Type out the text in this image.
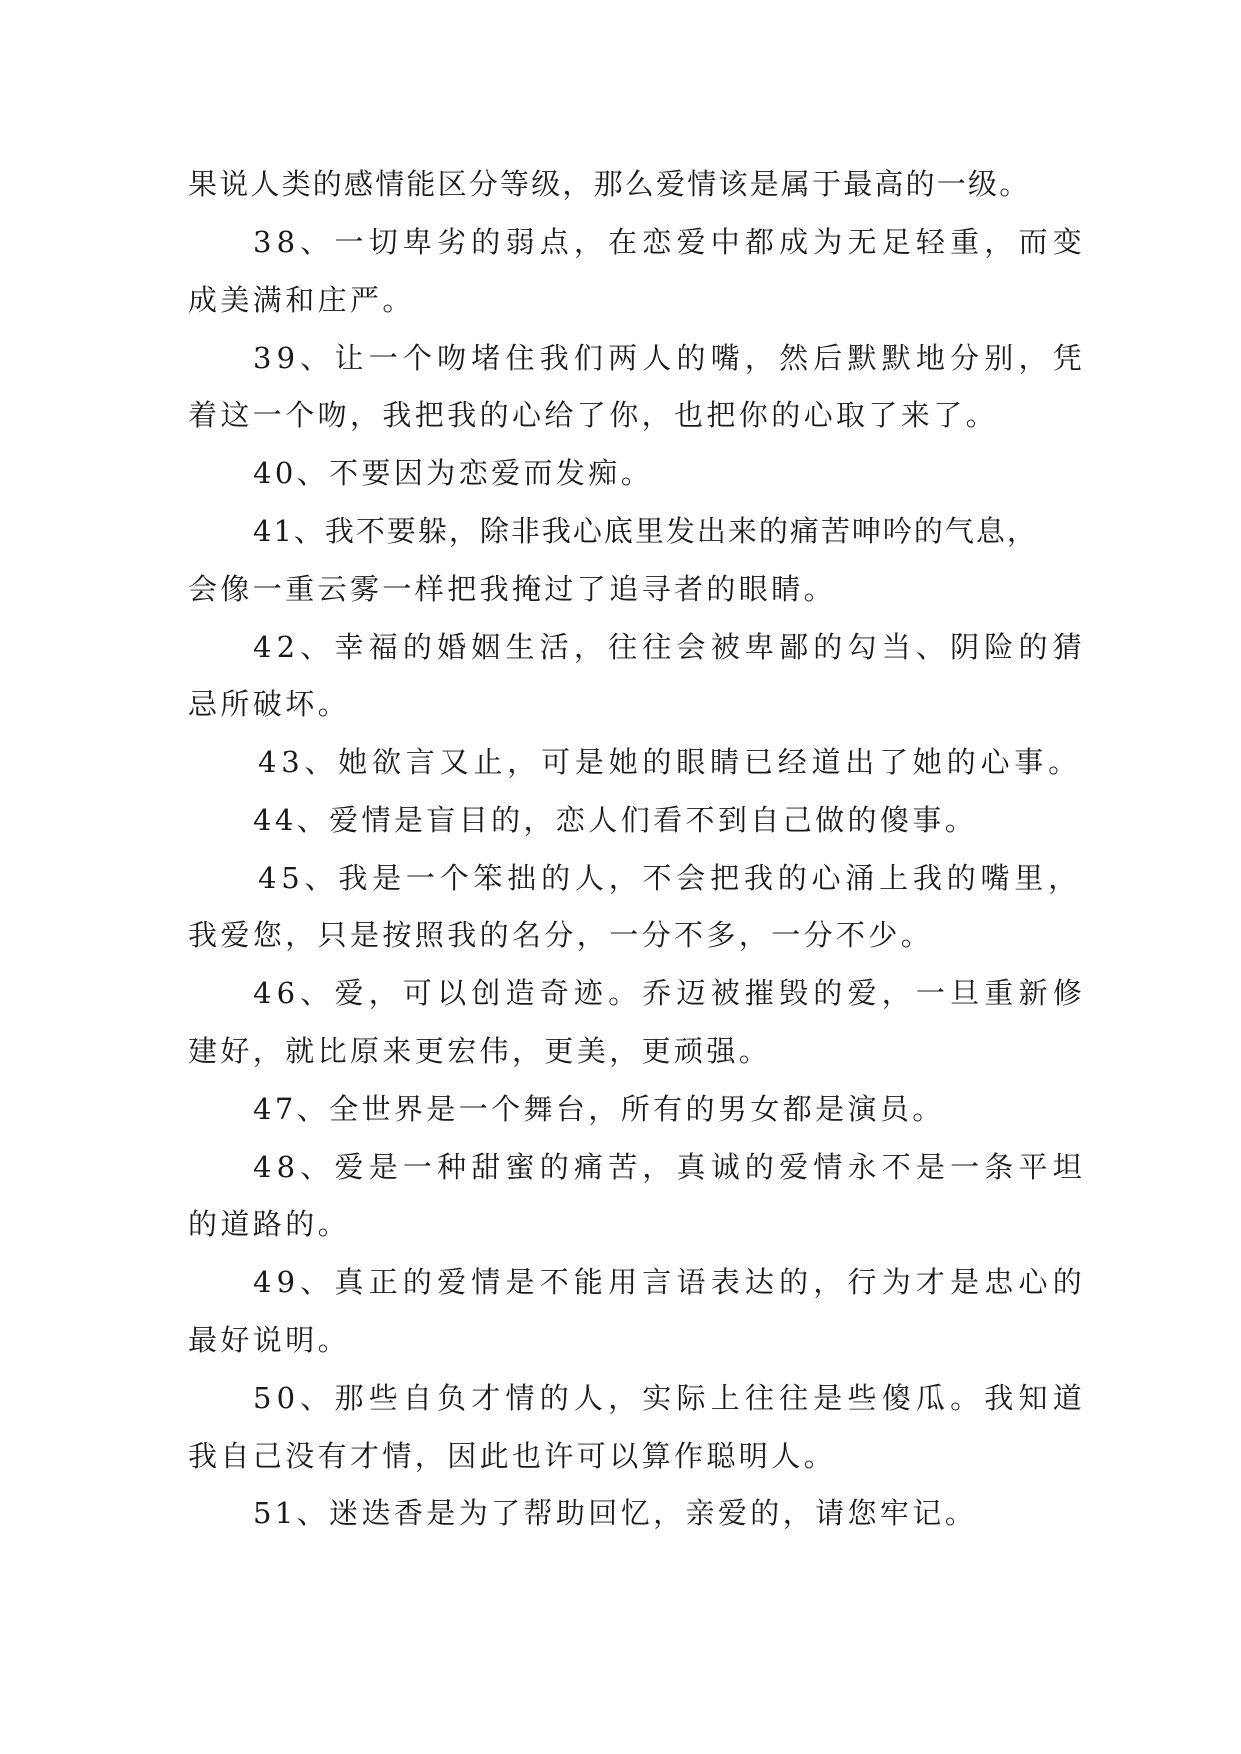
果说人类的感情能区分等级，那么爱情该是属于最高的一级。

38、一切卑劣的弱点，在恋爱中都成为无足轻重，而变

成美满和庄严。

39、让一个吻堵住我们两人的嘴，然后默默地分别，凭

着这一个吻，我把我的心给了你，也把你的心取了来了。

40、不要因为恋爱而发痴。

41、我不要躲，除非我心底里发出来的痛苦呻吟的气息，

会像一重云雾一样把我掩过了追寻者的眼睛。

42、幸福的婚姻生活，往往会被卑鄙的勾当、阴险的猜

忌所破坏。

43、她欲言又止，可是她的眼睛已经道出了她的心事。

44、爱情是盲目的，恋人们看不到自己做的傻事。

45、我是一个笨拙的人，不会把我的心涌上我的嘴里，

我爱您，只是按照我的名分，一分不多，一分不少。

46、爱，可以创造奇迹。乔迈被摧毁的爱，一旦重新修

建好，就比原来更宏伟，更美，更顽强。

47、全世界是一个舞台，所有的男女都是演员。

48、爱是一种甜蜜的痛苦，真诚的爱情永不是一条平坦

的道路的。

49、真正的爱情是不能用言语表达的，行为才是忠心的

最好说明。

50、那些自负才情的人，实际上往往是些傻瓜。我知道

我自己没有才情，因此也许可以算作聪明人。

51、迷迭香是为了帮助回忆，亲爱的，请您牢记。
